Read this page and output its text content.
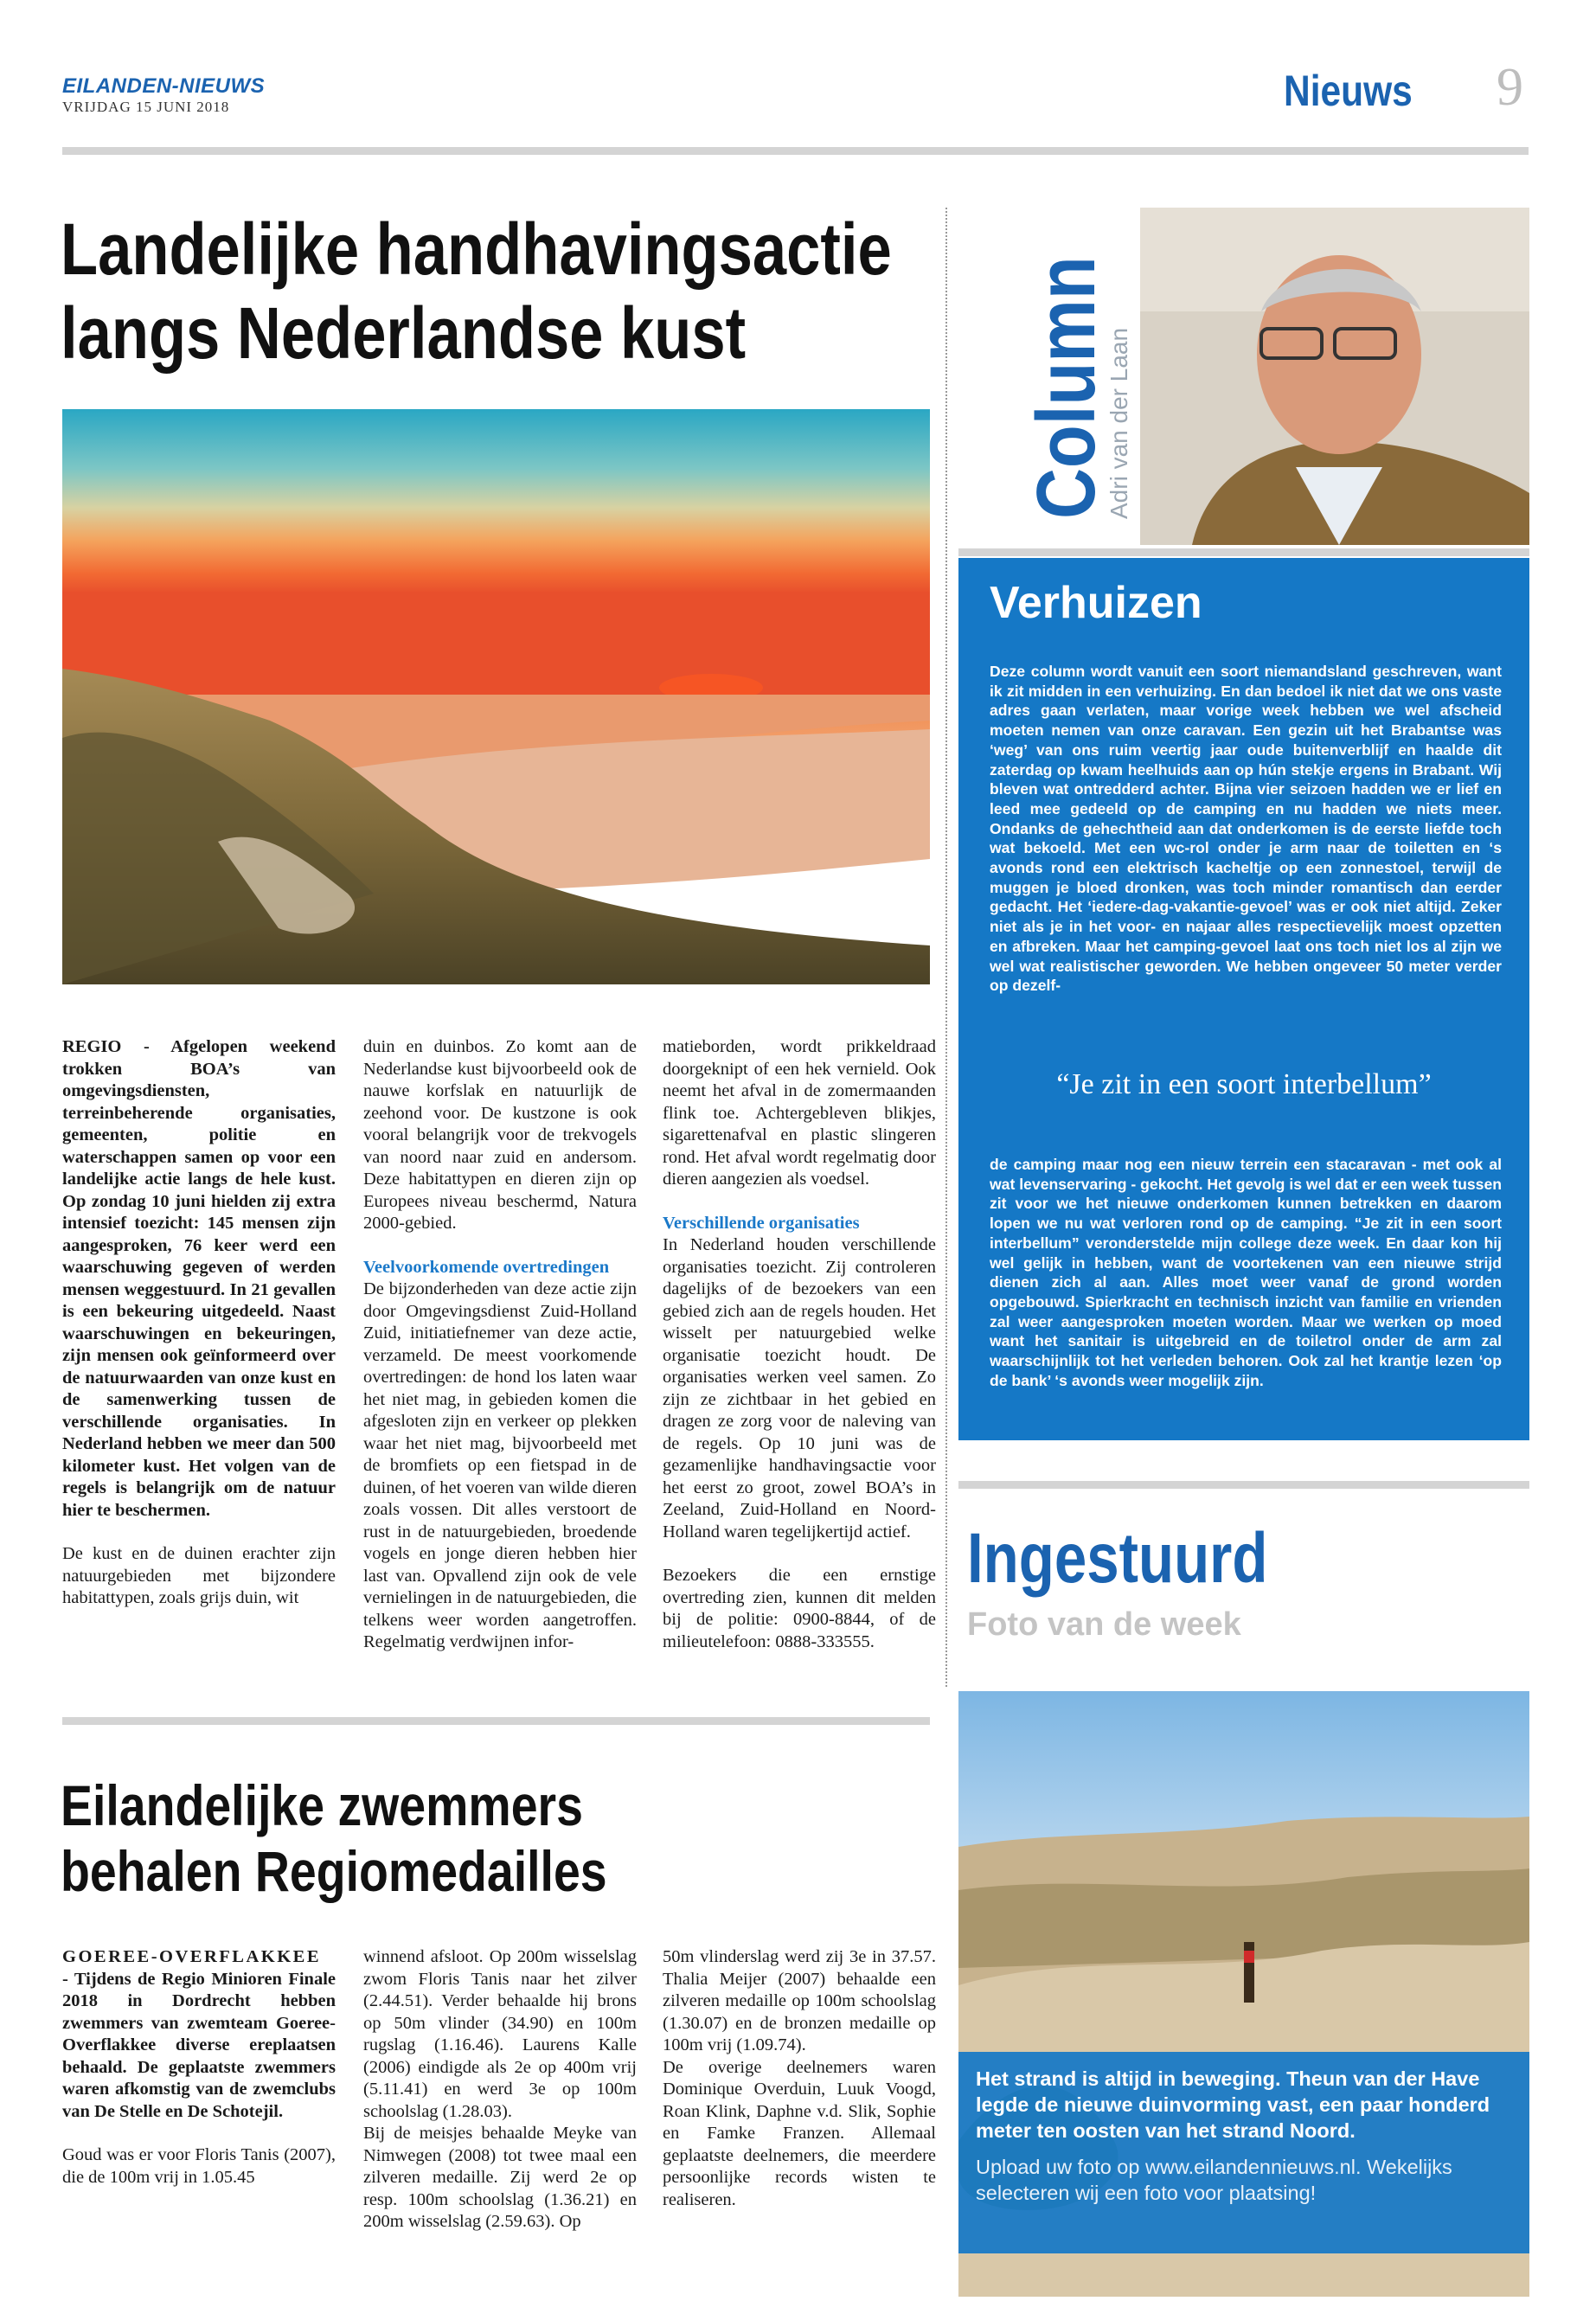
EILANDEN-NIEUWS
VRIJDAG 15 JUNI 2018	Nieuws 9
Landelijke handhavingsactie
langs Nederlandse kust

REGIO - Afgelopen weekend trokken BOA’s van omgevingsdiensten, terreinbeherende organisaties, gemeenten, politie en waterschappen samen op voor een landelijke actie langs de hele kust. Op zondag 10 juni hielden zij extra intensief toezicht: 145 mensen zijn aangesproken, 76 keer werd een waarschuwing gegeven of werden mensen weggestuurd. In 21 gevallen is een bekeuring uitgedeeld. Naast waarschuwingen en bekeuringen, zijn mensen ook geïnformeerd over de natuurwaarden van onze kust en de samenwerking tussen de verschillende organisaties. In Nederland hebben we meer dan 500 kilometer kust. Het volgen van de regels is belangrijk om de natuur hier te beschermen.

De kust en de duinen erachter zijn natuurgebieden met bijzondere habitattypen, zoals grijs duin, wit

duin en duinbos. Zo komt aan de Nederlandse kust bijvoorbeeld ook de nauwe korfslak en natuurlijk de zeehond voor. De kustzone is ook vooral belangrijk voor de trekvogels van noord naar zuid en andersom. Deze habitattypen en dieren zijn op Europees niveau beschermd, Natura 2000-gebied.

Veelvoorkomende overtredingen

De bijzonderheden van deze actie zijn door Omgevingsdienst Zuid-Holland Zuid, initiatiefnemer van deze actie, verzameld. De meest voorkomende overtredingen: de hond los laten waar het niet mag, in gebieden komen die afgesloten zijn en verkeer op plekken waar het niet mag, bijvoorbeeld met de bromfiets op een fietspad in de duinen, of het voeren van wilde dieren zoals vossen. Dit alles verstoort de rust in de natuurgebieden, broedende vogels en jonge dieren hebben hier last van. Opvallend zijn ook de vele vernielingen in de natuurgebieden, die telkens weer worden aangetroffen. Regelmatig verdwijnen infor-

matieborden, wordt prikkeldraad doorgeknipt of een hek vernield. Ook neemt het afval in de zomermaanden flink toe. Achtergebleven blikjes, sigarettenafval en plastic slingeren rond. Het afval wordt regelmatig door dieren aangezien als voedsel.

Verschillende organisaties

In Nederland houden verschillende organisaties toezicht. Zij controleren dagelijks of de bezoekers van een gebied zich aan de regels houden. Het wisselt per natuurgebied welke organisatie toezicht houdt. De organisaties werken veel samen. Zo zijn ze zichtbaar in het gebied en dragen ze zorg voor de naleving van de regels. Op 10 juni was de gezamenlijke handhavingsactie voor het eerst zo groot, zowel BOA’s in Zeeland, Zuid-Holland en Noord-Holland waren tegelijkertijd actief.

Bezoekers die een ernstige overtreding zien, kunnen dit melden bij de politie: 0900-8844, of de milieutelefoon: 0888-333555.

Eilandelijke zwemmers
behalen Regiomedailles

GOEREE-OVERFLAKKEE

- Tijdens de Regio Minioren Finale 2018 in Dordrecht hebben zwemmers van zwemteam Goeree-Overflakkee diverse ereplaatsen behaald. De geplaatste zwemmers waren afkomstig van de zwemclubs van De Stelle en De Schotejil.

Goud was er voor Floris Tanis (2007), die de 100m vrij in 1.05.45

winnend afsloot. Op 200m wisselslag zwom Floris Tanis naar het zilver (2.44.51). Verder behaalde hij brons op 50m vlinder (34.90) en 100m rugslag (1.16.46). Laurens Kalle (2006) eindigde als 2e op 400m vrij (5.11.41) en werd 3e op 100m schoolslag (1.28.03).

Bij de meisjes behaalde Meyke van Nimwegen (2008) tot twee maal een zilveren medaille. Zij werd 2e op resp. 100m schoolslag (1.36.21) en 200m wisselslag (2.59.63). Op

50m vlinderslag werd zij 3e in 37.57. Thalia Meijer (2007) behaalde een zilveren medaille op 100m schoolslag (1.30.07) en de bronzen medaille op 100m vrij (1.09.74).

De overige deelnemers waren Dominique Overduin, Luuk Voogd, Roan Klink, Daphne v.d. Slik, Sophie en Famke Franzen. Allemaal geplaatste deelnemers, die meerdere persoonlijke records wisten te realiseren.

Column
Adri van der Laan
Verhuizen
Deze column wordt vanuit een soort niemandsland geschreven, want ik zit midden in een verhuizing. En dan bedoel ik niet dat we ons vaste adres gaan verlaten, maar vorige week hebben we wel afscheid moeten nemen van onze caravan. Een gezin uit het Brabantse was ‘weg’ van ons ruim veertig jaar oude buitenverblijf en haalde dit zaterdag op kwam heelhuids aan op hún stekje ergens in Brabant. Wij bleven wat ontredderd achter. Bijna vier seizoen hadden we er lief en leed mee gedeeld op de camping en nu hadden we niets meer. Ondanks de gehechtheid aan dat onderkomen is de eerste liefde toch wat bekoeld. Met een wc-rol onder je arm naar de toiletten en ‘s avonds rond een elektrisch kacheltje op een zonnestoel, terwijl de muggen je bloed dronken, was toch minder romantisch dan eerder gedacht. Het ‘iedere-dag-vakantie-gevoel’ was er ook niet altijd. Zeker niet als je in het voor- en najaar alles respectievelijk moest opzetten en afbreken. Maar het camping-gevoel laat ons toch niet los al zijn we wel wat realistischer geworden. We hebben ongeveer 50 meter verder op dezelf-
“Je zit in een soort interbellum”
de camping maar nog een nieuw terrein een stacaravan - met ook al wat levenservaring - gekocht. Het gevolg is wel dat er een week tussen zit voor we het nieuwe onderkomen kunnen betrekken en daarom lopen we nu wat verloren rond op de camping. “Je zit in een soort interbellum” veronderstelde mijn college deze week. En daar kon hij wel gelijk in hebben, want de voortekenen van een nieuwe strijd dienen zich al aan. Alles moet weer vanaf de grond worden opgebouwd. Spierkracht en technisch inzicht van familie en vrienden zal weer aangesproken moeten worden. Maar we werken op moed want het sanitair is uitgebreid en de toiletrol onder de arm zal waarschijnlijk tot het verleden behoren. Ook zal het krantje lezen ‘op de bank’ ‘s avonds weer mogelijk zijn.
Ingestuurd
Foto van de week

Het strand is altijd in beweging. Theun van der Have legde de nieuwe duinvorming vast, een paar honderd meter ten oosten van het strand Noord.

Upload uw foto op www.eilandennieuws.nl. Wekelijks selecteren wij een foto voor plaatsing!
